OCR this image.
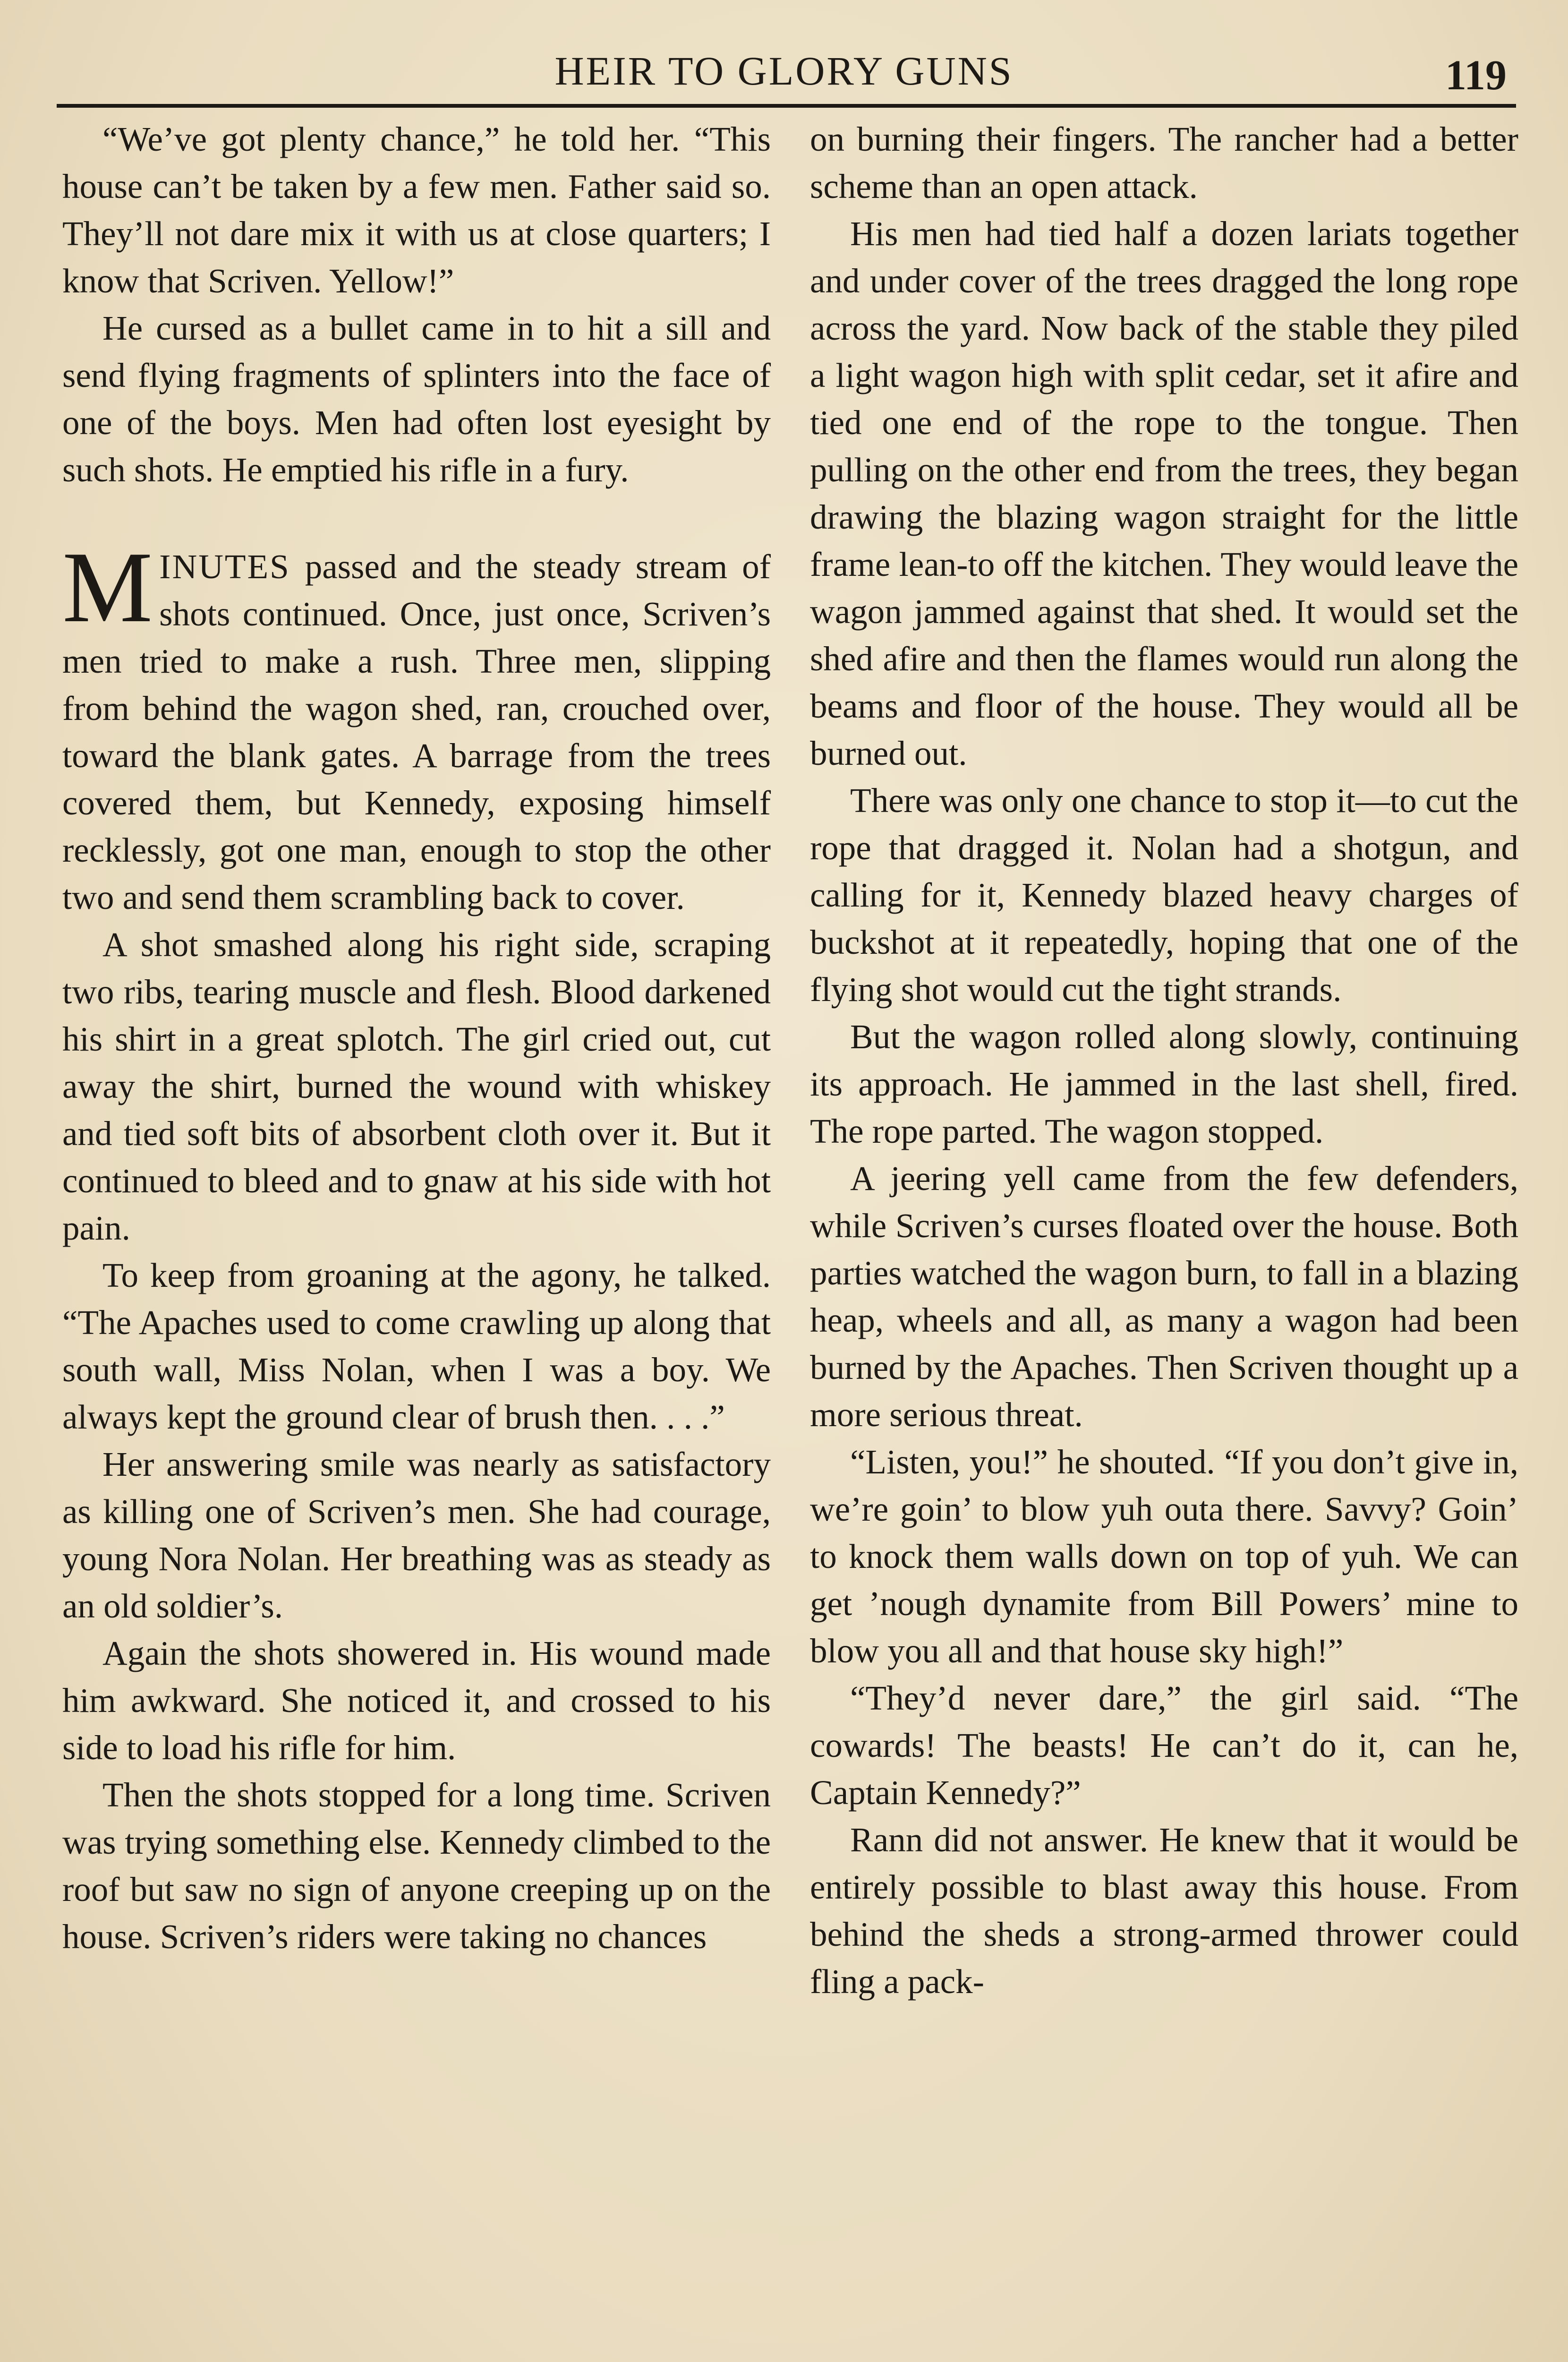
HEIR TO GLORY GUNS	119

“We’ve got plenty chance,” he told her. “This house can’t be taken by a few men. Father said so. They’ll not dare mix it with us at close quarters; I know that Scriven. Yellow!”

He cursed as a bullet came in to hit a sill and send flying fragments of splinters into the face of one of the boys. Men had often lost eyesight by such shots. He emptied his rifle in a fury.

MINUTES passed and the steady stream of shots continued. Once, just once, Scriven’s men tried to make a rush. Three men, slipping from behind the wagon shed, ran, crouched over, toward the blank gates. A barrage from the trees covered them, but Kennedy, exposing himself recklessly, got one man, enough to stop the other two and send them scrambling back to cover.

A shot smashed along his right side, scraping two ribs, tearing muscle and flesh. Blood darkened his shirt in a great splotch. The girl cried out, cut away the shirt, burned the wound with whiskey and tied soft bits of absorbent cloth over it. But it continued to bleed and to gnaw at his side with hot pain.

To keep from groaning at the agony, he talked. “The Apaches used to come crawling up along that south wall, Miss Nolan, when I was a boy. We always kept the ground clear of brush then. . . .”

Her answering smile was nearly as satisfactory as killing one of Scriven’s men. She had courage, young Nora Nolan. Her breathing was as steady as an old soldier’s.

Again the shots showered in. His wound made him awkward. She noticed it, and crossed to his side to load his rifle for him.

Then the shots stopped for a long time. Scriven was trying something else. Kennedy climbed to the roof but saw no sign of anyone creeping up on the house. Scriven’s riders were taking no chances

on burning their fingers. The rancher had a better scheme than an open attack.

His men had tied half a dozen lariats together and under cover of the trees dragged the long rope across the yard. Now back of the stable they piled a light wagon high with split cedar, set it afire and tied one end of the rope to the tongue. Then pulling on the other end from the trees, they began drawing the blazing wagon straight for the little frame lean-to off the kitchen. They would leave the wagon jammed against that shed. It would set the shed afire and then the flames would run along the beams and floor of the house. They would all be burned out.

There was only one chance to stop it—to cut the rope that dragged it. Nolan had a shotgun, and calling for it, Kennedy blazed heavy charges of buckshot at it repeatedly, hoping that one of the flying shot would cut the tight strands.

But the wagon rolled along slowly, continuing its approach. He jammed in the last shell, fired. The rope parted. The wagon stopped.

A jeering yell came from the few defenders, while Scriven’s curses floated over the house. Both parties watched the wagon burn, to fall in a blazing heap, wheels and all, as many a wagon had been burned by the Apaches. Then Scriven thought up a more serious threat.

“Listen, you!” he shouted. “If you don’t give in, we’re goin’ to blow yuh outa there. Savvy? Goin’ to knock them walls down on top of yuh. We can get ’nough dynamite from Bill Powers’ mine to blow you all and that house sky high!”

“They’d never dare,” the girl said. “The cowards! The beasts! He can’t do it, can he, Captain Kennedy?”

Rann did not answer. He knew that it would be entirely possible to blast away this house. From behind the sheds a strong-armed thrower could fling a pack-
